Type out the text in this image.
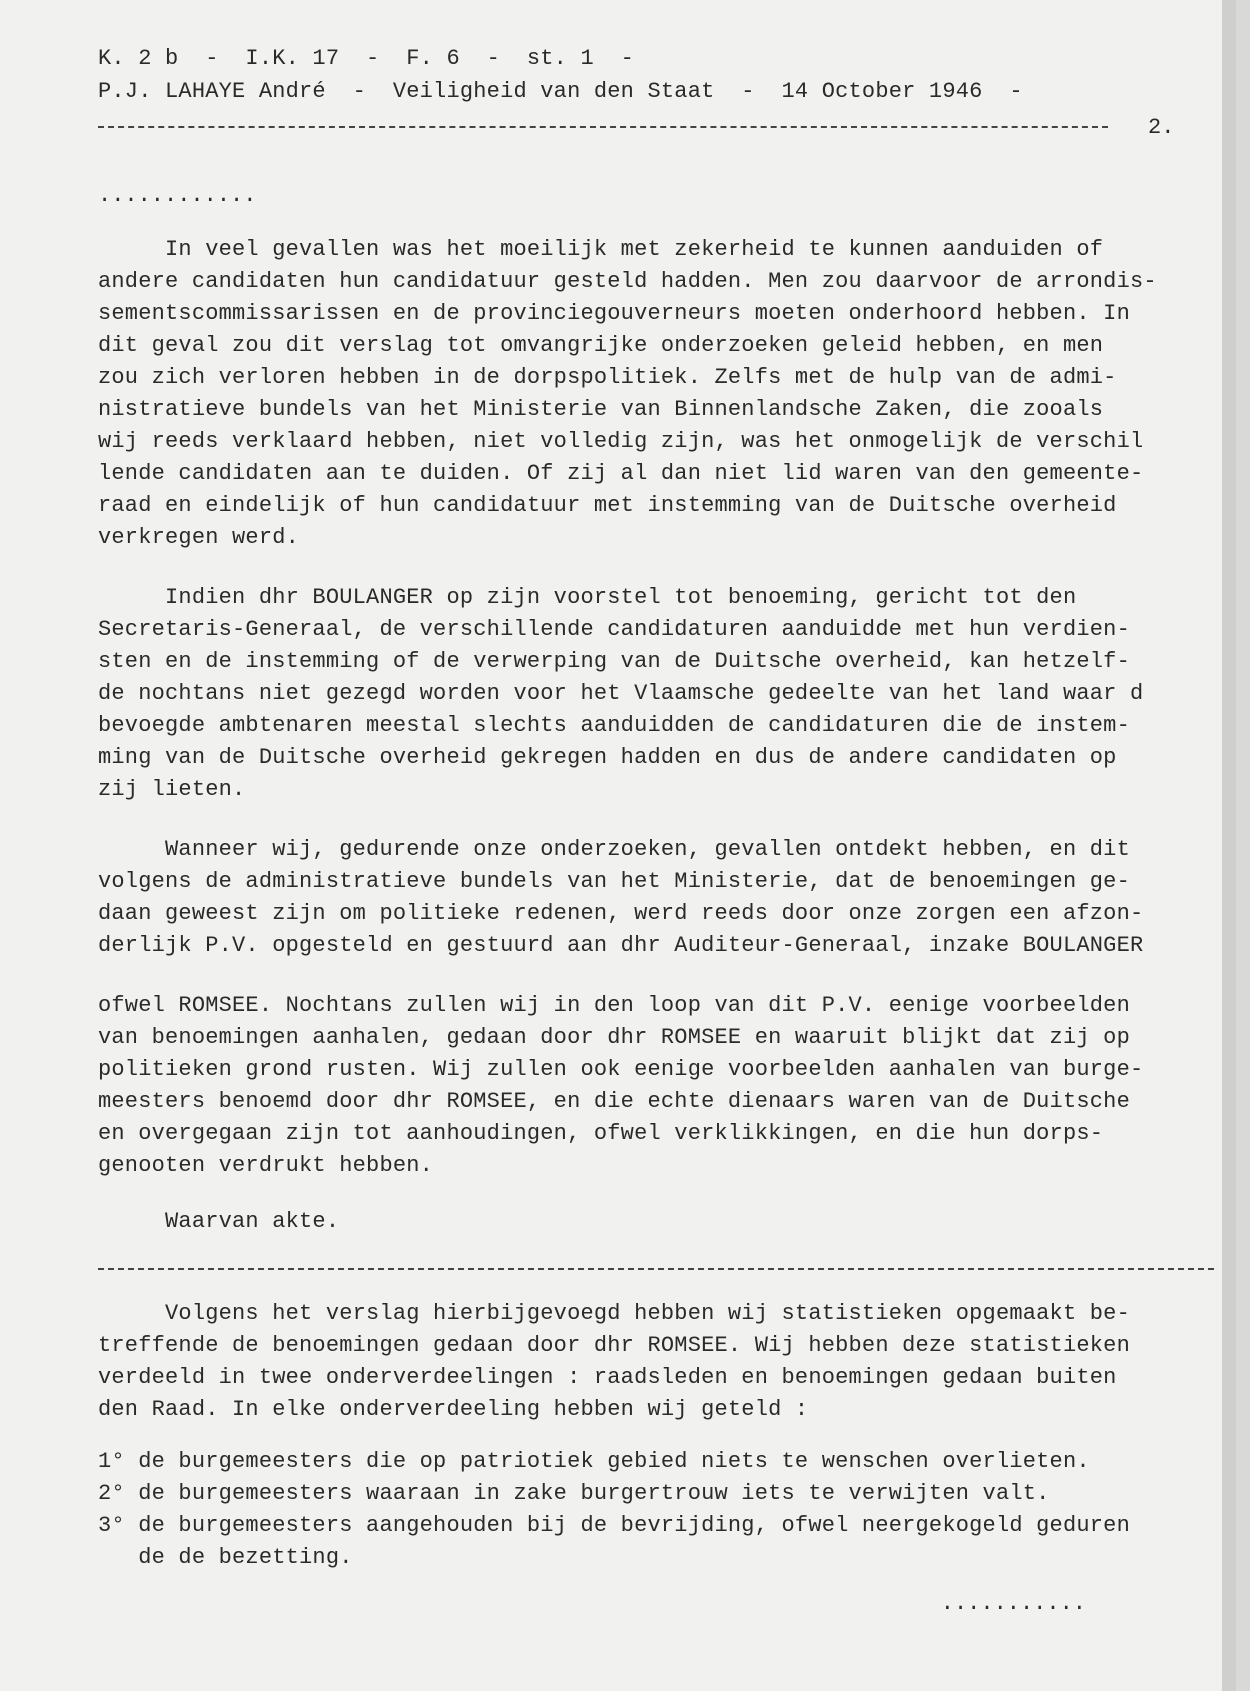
K. 2 b  -  I.K. 17  -  F. 6  -  st. 1  -
P.J. LAHAYE André  -  Veiligheid van den Staat  -  14 October 1946  -
2.
............
In veel gevallen was het moeilijk met zekerheid te kunnen aanduiden of
andere candidaten hun candidatuur gesteld hadden. Men zou daarvoor de arrondis-
sementscommissarissen en de provinciegouverneurs moeten onderhoord hebben. In
dit geval zou dit verslag tot omvangrijke onderzoeken geleid hebben, en men
zou zich verloren hebben in de dorpspolitiek. Zelfs met de hulp van de admi-
nistratieve bundels van het Ministerie van Binnenlandsche Zaken, die zooals
wij reeds verklaard hebben, niet volledig zijn, was het onmogelijk de verschil
lende candidaten aan te duiden. Of zij al dan niet lid waren van den gemeente-
raad en eindelijk of hun candidatuur met instemming van de Duitsche overheid
verkregen werd.
Indien dhr BOULANGER op zijn voorstel tot benoeming, gericht tot den
Secretaris-Generaal, de verschillende candidaturen aanduidde met hun verdien-
sten en de instemming of de verwerping van de Duitsche overheid, kan hetzelf-
de nochtans niet gezegd worden voor het Vlaamsche gedeelte van het land waar d
bevoegde ambtenaren meestal slechts aanduidden de candidaturen die de instem-
ming van de Duitsche overheid gekregen hadden en dus de andere candidaten op
zij lieten.
Wanneer wij, gedurende onze onderzoeken, gevallen ontdekt hebben, en dit
volgens de administratieve bundels van het Ministerie, dat de benoemingen ge-
daan geweest zijn om politieke redenen, werd reeds door onze zorgen een afzon-
derlijk P.V. opgesteld en gestuurd aan dhr Auditeur-Generaal, inzake BOULANGER
ofwel ROMSEE. Nochtans zullen wij in den loop van dit P.V. eenige voorbeelden
van benoemingen aanhalen, gedaan door dhr ROMSEE en waaruit blijkt dat zij op
politieken grond rusten. Wij zullen ook eenige voorbeelden aanhalen van burge-
meesters benoemd door dhr ROMSEE, en die echte dienaars waren van de Duitsche
en overgegaan zijn tot aanhoudingen, ofwel verklikkingen, en die hun dorps-
genooten verdrukt hebben.
Waarvan akte.
Volgens het verslag hierbijgevoegd hebben wij statistieken opgemaakt be-
treffende de benoemingen gedaan door dhr ROMSEE. Wij hebben deze statistieken
verdeeld in twee onderverdeelingen : raadsleden en benoemingen gedaan buiten
den Raad. In elke onderverdeeling hebben wij geteld :
1° de burgemeesters die op patriotiek gebied niets te wenschen overlieten.
2° de burgemeesters waaraan in zake burgertrouw iets te verwijten valt.
3° de burgemeesters aangehouden bij de bevrijding, ofwel neergekogeld geduren
de de bezetting.
...........
